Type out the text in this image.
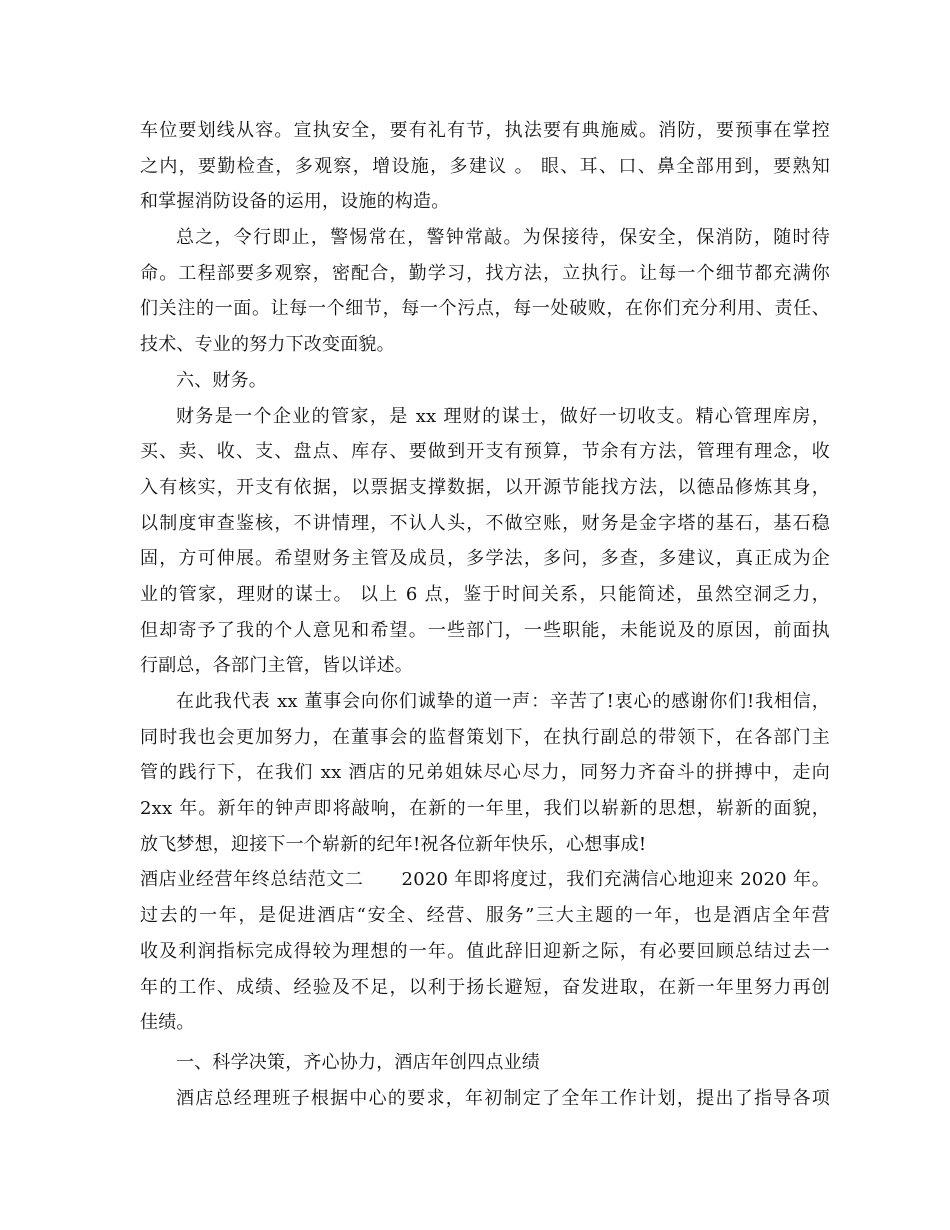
车位要划线从容。宣执安全，要有礼有节，执法要有典施威。消防，要预事在掌控
之内，要勤检查，多观察，增设施，多建议 。 眼、耳、口、鼻全部用到，要熟知
和掌握消防设备的运用，设施的构造。
总之，令行即止，警惕常在，警钟常敲。为保接待，保安全，保消防，随时待
命。工程部要多观察，密配合，勤学习，找方法，立执行。让每一个细节都充满你
们关注的一面。让每一个细节，每一个污点，每一处破败，在你们充分利用、责任、
技术、专业的努力下改变面貌。
六、财务。
财务是一个企业的管家，是 xx 理财的谋士，做好一切收支。精心管理库房，
买、卖、收、支、盘点、库存、要做到开支有预算，节余有方法，管理有理念，收
入有核实，开支有依据，以票据支撑数据，以开源节能找方法，以德品修炼其身，
以制度审查鉴核，不讲情理，不认人头，不做空账，财务是金字塔的基石，基石稳
固，方可伸展。希望财务主管及成员，多学法，多问，多查，多建议，真正成为企
业的管家，理财的谋士。 以上 6 点，鉴于时间关系，只能简述，虽然空洞乏力，
但却寄予了我的个人意见和希望。一些部门，一些职能，未能说及的原因，前面执
行副总，各部门主管，皆以详述。
在此我代表 xx 董事会向你们诚挚的道一声：辛苦了!衷心的感谢你们!我相信，
同时我也会更加努力，在董事会的监督策划下，在执行副总的带领下，在各部门主
管的践行下，在我们 xx 酒店的兄弟姐妹尽心尽力，同努力齐奋斗的拼搏中，走向
2xx 年。新年的钟声即将敲响，在新的一年里，我们以崭新的思想，崭新的面貌，
放飞梦想，迎接下一个崭新的纪年!祝各位新年快乐，心想事成!
酒店业经营年终总结范文二      2020 年即将度过，我们充满信心地迎来 2020 年。
过去的一年，是促进酒店“安全、经营、服务”三大主题的一年，也是酒店全年营
收及利润指标完成得较为理想的一年。值此辞旧迎新之际，有必要回顾总结过去一
年的工作、成绩、经验及不足，以利于扬长避短，奋发进取，在新一年里努力再创
佳绩。
一、科学决策，齐心协力，酒店年创四点业绩
酒店总经理班子根据中心的要求，年初制定了全年工作计划，提出了指导各项
